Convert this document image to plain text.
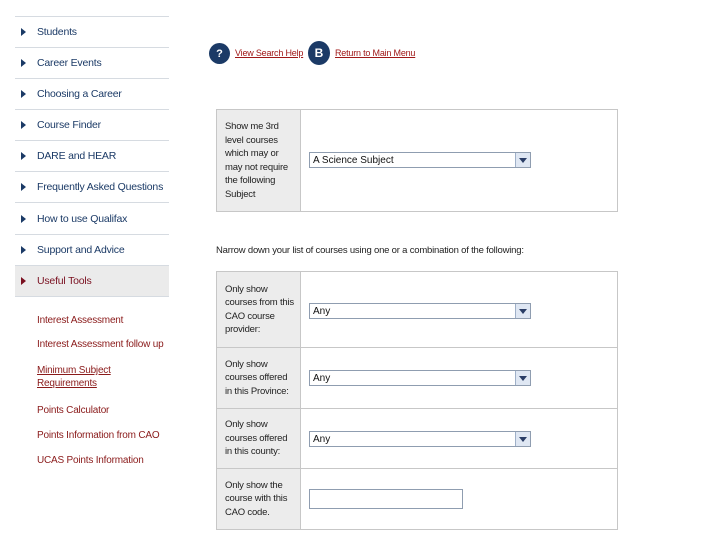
Students
Career Events
Choosing a Career
Course Finder
DARE and HEAR
Frequently Asked Questions
How to use Qualifax
Support and Advice
Useful Tools
Interest Assessment
Interest Assessment follow up
Minimum Subject Requirements
Points Calculator
Points Information from CAO
UCAS Points Information
?	View Search Help B	Return to Main Menu
Show me 3rd level courses which may or may not require the following Subject
A Science Subject
Narrow down your list of courses using one or a combination of the following:
Only show courses from this CAO course provider:
Any
Only show courses offered in this Province:
Any
Only show courses offered in this county:
Any
Only show the course with this CAO code.
